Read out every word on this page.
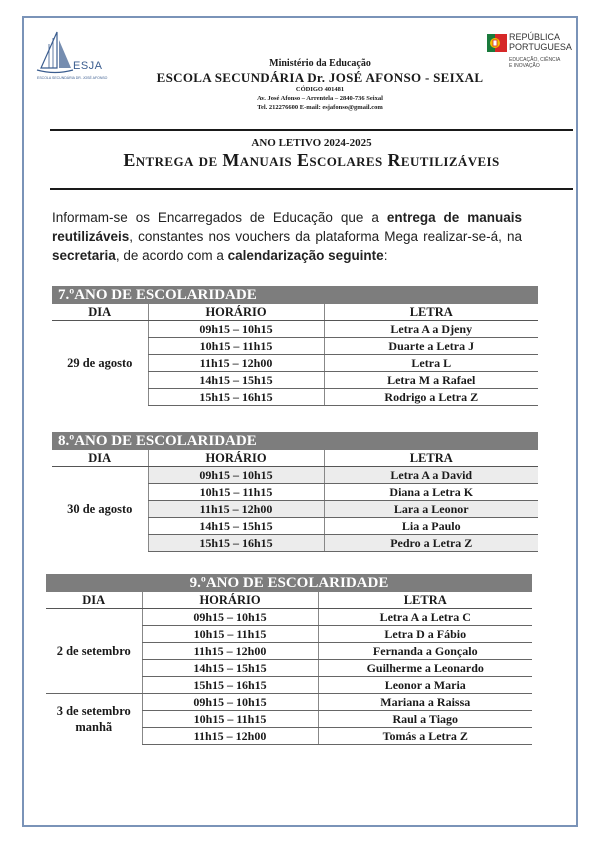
ESJA
ESCOLA SECUNDÁRIA DR. JOSÉ AFONSO
REPÚBLICA
PORTUGUESA
EDUCAÇÃO, CIÊNCIA
E INOVAÇÃO
Ministério da Educação
ESCOLA SECUNDÁRIA Dr. JOSÉ AFONSO - SEIXAL
CÓDIGO 401481
Av. José Afonso – Arrentela – 2840-736 Seixal
Tel. 212276600 E-mail: esjafonso@gmail.com
ANO LETIVO 2024-2025
Entrega de Manuais Escolares Reutilizáveis

Informam-se os Encarregados de Educação que a entrega de manuais reutilizáveis, constantes nos vouchers da plataforma Mega realizar-se-á, na secretaria, de acordo com a calendarização seguinte:

7.ºANO DE ESCOLARIDADE
DIA	HORÁRIO	LETRA
29 de agosto	09h15 – 10h15	Letra A a Djeny
	10h15 – 11h15	Duarte a Letra J
	11h15 – 12h00	Letra L
	14h15 – 15h15	Letra M a Rafael
	15h15 – 16h15	Rodrigo a Letra Z
8.ºANO DE ESCOLARIDADE
DIA	HORÁRIO	LETRA
30 de agosto	09h15 – 10h15	Letra A a David
	10h15 – 11h15	Diana a Letra K
	11h15 – 12h00	Lara a Leonor
	14h15 – 15h15	Lia a Paulo
	15h15 – 16h15	Pedro a Letra Z
9.ºANO DE ESCOLARIDADE
DIA	HORÁRIO	LETRA
2 de setembro	09h15 – 10h15	Letra A a Letra C
	10h15 – 11h15	Letra D a Fábio
	11h15 – 12h00	Fernanda a Gonçalo
	14h15 – 15h15	Guilherme a Leonardo
	15h15 – 16h15	Leonor a Maria
3 de setembro manhã	09h15 – 10h15	Mariana a Raissa
	10h15 – 11h15	Raul a Tiago
	11h15 – 12h00	Tomás a Letra Z
